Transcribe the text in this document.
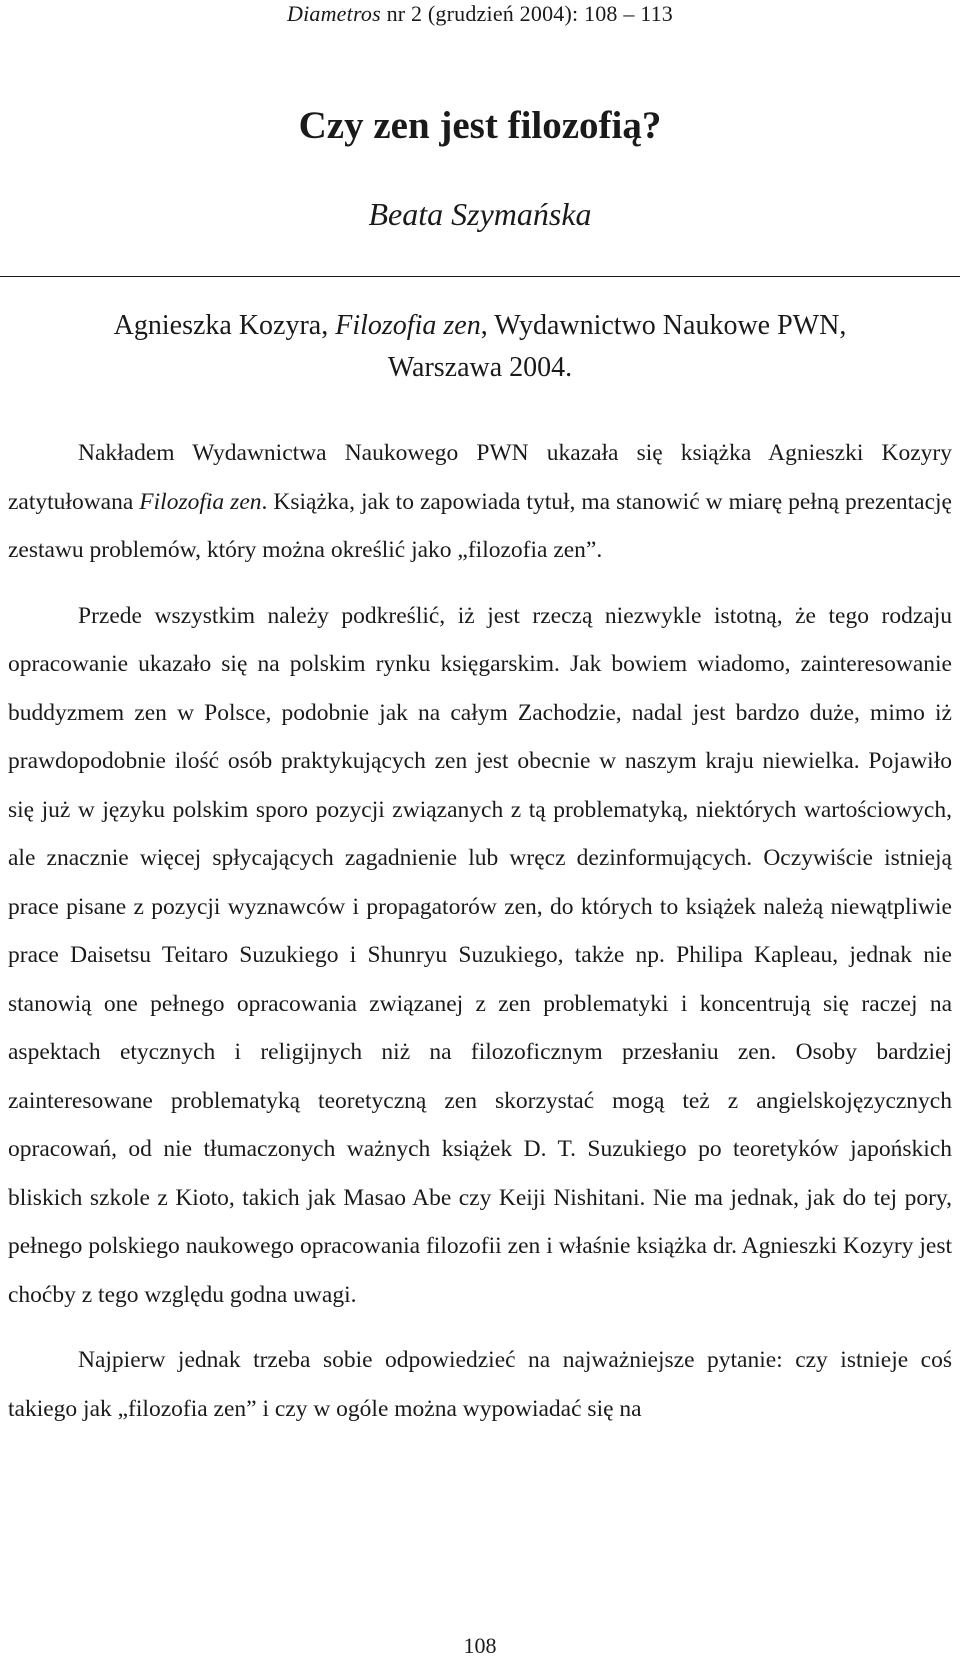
Diametros nr 2 (grudzień 2004): 108 – 113
Czy zen jest filozofią?
Beata Szymańska
Agnieszka Kozyra, Filozofia zen, Wydawnictwo Naukowe PWN,
Warszawa 2004.

Nakładem Wydawnictwa Naukowego PWN ukazała się książka Agnieszki Kozyry zatytułowana Filozofia zen. Książka, jak to zapowiada tytuł, ma stanowić w miarę pełną prezentację zestawu problemów, który można określić jako „filozofia zen”.

Przede wszystkim należy podkreślić, iż jest rzeczą niezwykle istotną, że tego rodzaju opracowanie ukazało się na polskim rynku księgarskim. Jak bowiem wiadomo, zainteresowanie buddyzmem zen w Polsce, podobnie jak na całym Zachodzie, nadal jest bardzo duże, mimo iż prawdopodobnie ilość osób praktykujących zen jest obecnie w naszym kraju niewielka. Pojawiło się już w języku polskim sporo pozycji związanych z tą problematyką, niektórych wartościowych, ale znacznie więcej spłycających zagadnienie lub wręcz dezinformujących. Oczywiście istnieją prace pisane z pozycji wyznawców i propagatorów zen, do których to książek należą niewątpliwie prace Daisetsu Teitaro Suzukiego i Shunryu Suzukiego, także np. Philipa Kapleau, jednak nie stanowią one pełnego opracowania związanej z zen problematyki i koncentrują się raczej na aspektach etycznych i religijnych niż na filozoficznym przesłaniu zen. Osoby bardziej zainteresowane problematyką teoretyczną zen skorzystać mogą też z angielskojęzycznych opracowań, od nie tłumaczonych ważnych książek D. T. Suzukiego po teoretyków japońskich bliskich szkole z Kioto, takich jak Masao Abe czy Keiji Nishitani. Nie ma jednak, jak do tej pory, pełnego polskiego naukowego opracowania filozofii zen i właśnie książka dr. Agnieszki Kozyry jest choćby z tego względu godna uwagi.

Najpierw jednak trzeba sobie odpowiedzieć na najważniejsze pytanie: czy istnieje coś takiego jak „filozofia zen” i czy w ogóle można wypowiadać się na

108
